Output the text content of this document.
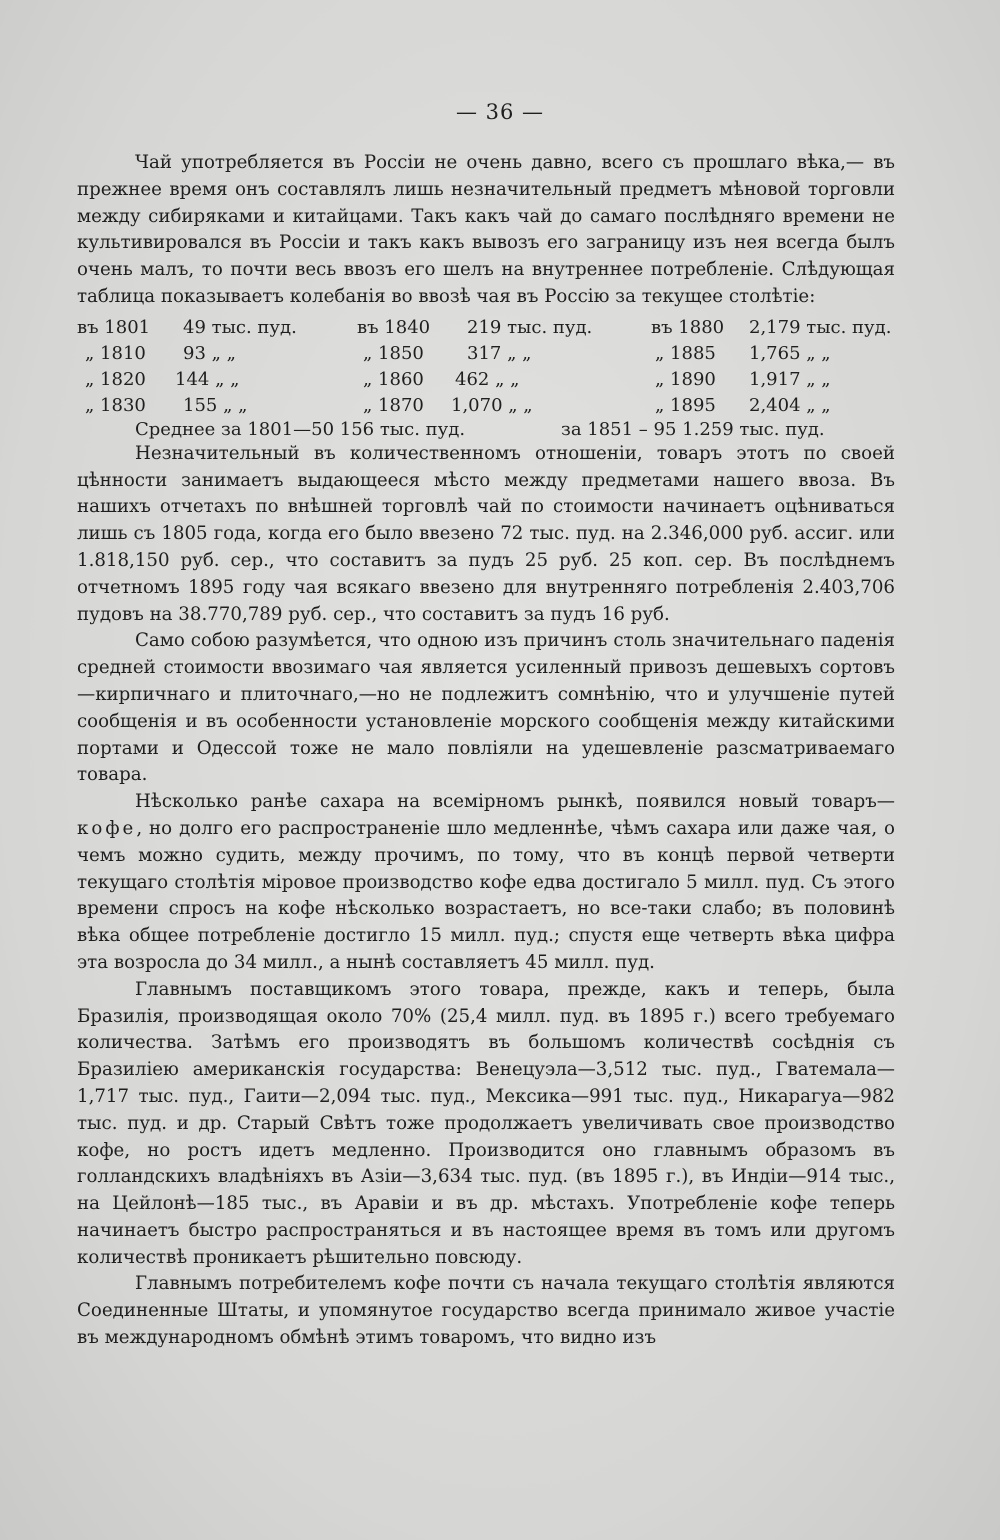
— 36 —

Чай употребляется въ Россіи не очень давно, всего съ прошлаго вѣка,— въ прежнее время онъ составлялъ лишь незначительный предметъ мѣновой торговли между сибиряками и китайцами. Такъ какъ чай до самаго послѣдняго времени не культивировался въ Россіи и такъ какъ вывозъ его заграницу изъ нея всегда былъ очень малъ, то почти весь ввозъ его шелъ на внутреннее потребленіе. Слѣдующая таблица показываетъ колебанія во ввозѣ чая въ Россію за текущее столѣтіе:

въ 1801 49 тыс. пуд.	въ 1840 219 тыс. пуд.	въ 1880 2,179 тыс. пуд.
„ 1810 93 „ „	„ 1850 317 „ „	„ 1885 1,765 „ „
„ 1820 144 „ „	„ 1860 462 „ „	„ 1890 1,917 „ „
„ 1830 155 „ „	„ 1870 1,070 „ „	„ 1895 2,404 „ „
Среднее за 1801—50 156 тыс. пуд.	за 1851 – 95 1.259 тыс. пуд.

Незначительный въ количественномъ отношеніи, товаръ этотъ по своей цѣнности занимаетъ выдающееся мѣсто между предметами нашего ввоза. Въ нашихъ отчетахъ по внѣшней торговлѣ чай по стоимости начинаетъ оцѣниваться лишь съ 1805 года, когда его было ввезено 72 тыс. пуд. на 2.346,000 руб. ассиг. или 1.818,150 руб. сер., что составитъ за пудъ 25 руб. 25 коп. сер. Въ послѣднемъ отчетномъ 1895 году чая всякаго ввезено для внутренняго потребленія 2.403,706 пудовъ на 38.770,789 руб. сер., что составитъ за пудъ 16 руб.

Само собою разумѣется, что одною изъ причинъ столь значительнаго паденія средней стоимости ввозимаго чая является усиленный привозъ дешевыхъ сортовъ—кирпичнаго и плиточнаго,—но не подлежитъ сомнѣнію, что и улучшеніе путей сообщенія и въ особенности установленіе морского сообщенія между китайскими портами и Одессой тоже не мало повліяли на удешевленіе разсматриваемаго товара.

Нѣсколько ранѣе сахара на всемірномъ рынкѣ, появился новый товаръ—кофе, но долго его распространеніе шло медленнѣе, чѣмъ сахара или даже чая, о чемъ можно судить, между прочимъ, по тому, что въ концѣ первой четверти текущаго столѣтія міровое производство кофе едва достигало 5 милл. пуд. Съ этого времени спросъ на кофе нѣсколько возрастаетъ, но все-таки слабо; въ половинѣ вѣка общее потребленіе достигло 15 милл. пуд.; спустя еще четверть вѣка цифра эта возросла до 34 милл., а нынѣ составляетъ 45 милл. пуд.

Главнымъ поставщикомъ этого товара, прежде, какъ и теперь, была Бразилія, производящая около 70% (25,4 милл. пуд. въ 1895 г.) всего требуемаго количества. Затѣмъ его производятъ въ большомъ количествѣ сосѣднія съ Бразиліею американскія государства: Венецуэла—3,512 тыс. пуд., Гватемала—1,717 тыс. пуд., Гаити—2,094 тыс. пуд., Мексика—991 тыс. пуд., Никарагуа—982 тыс. пуд. и др. Старый Свѣтъ тоже продолжаетъ увеличивать свое производство кофе, но ростъ идетъ медленно. Производится оно главнымъ образомъ въ голландскихъ владѣніяхъ въ Азіи—3,634 тыс. пуд. (въ 1895 г.), въ Индіи—914 тыс., на Цейлонѣ—185 тыс., въ Аравіи и въ др. мѣстахъ. Употребленіе кофе теперь начинаетъ быстро распространяться и въ настоящее время въ томъ или другомъ количествѣ проникаетъ рѣшительно повсюду.

Главнымъ потребителемъ кофе почти съ начала текущаго столѣтія являются Соединенные Штаты, и упомянутое государство всегда принимало живое участіе въ международномъ обмѣнѣ этимъ товаромъ, что видно изъ
